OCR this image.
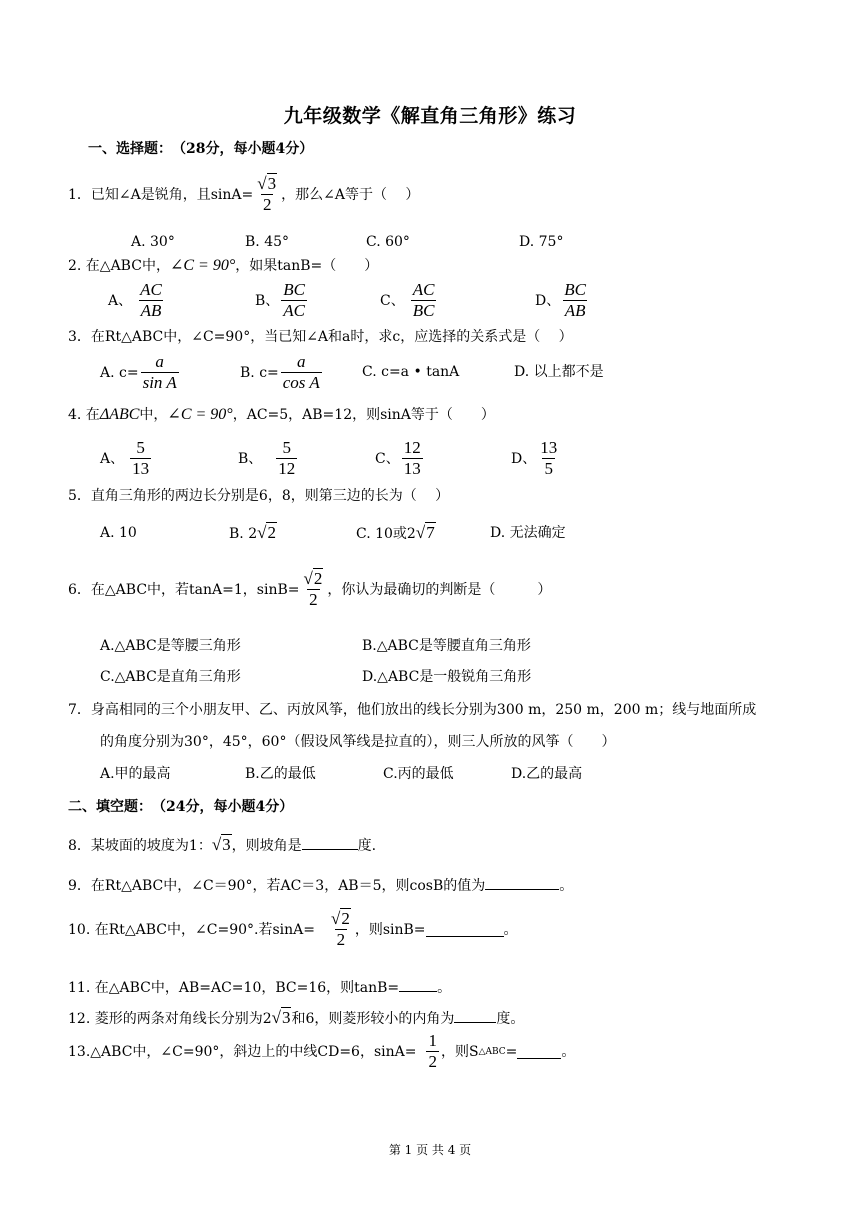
九年级数学《解直角三角形》练习
一、选择题：　（28分，每小题4分）
1．已知∠A是锐角，且$\sin A= \frac{√3}{2}$ ，那么∠A等于（　 ）
A. 30°	B. 45°	C. 60°	D. 75°
2. 在△ABC中，∠C = 90°，如果tanB=（　　）
A、 $\frac{AC}{AB}$	B、 $\frac{BC}{AC}$	C、 $\frac{AC}{BC}$	D、 $\frac{BC}{AB}$
3．在Rt△ABC中，∠C=90°，当已知∠A和a时，求c，应选择的关系式是（　 ）
A. $c= \frac{a}{\text{sin A}}$	B. $c= \frac{a}{\text{cos A}}$	C. c=a • tanA	D. 以上都不是
4. 在ΔABC中，∠C = 90°，AC=5，AB=12，则sinA等于（　　）
A、 $\frac{5}{13}$	B、 $\frac{5}{12}$	C、 $\frac{12}{13}$	D、 $\frac{13}{5}$
5．直角三角形的两边长分别是6，8，则第三边的长为（　 ）
A. 10	B. 2√2	C. 10或2√7	D. 无法确定
6．在△ABC中，若tanA=1，$\sin B= \frac{√2}{2}$ ，你认为最确切的判断是（　　　）
A.△ABC是等腰三角形	B.△ABC是等腰直角三角形
C.△ABC是直角三角形	D.△ABC是一般锐角三角形
7．身高相同的三个小朋友甲、乙、丙放风筝，他们放出的线长分别为300 m，250 m，200 m；线与地面所成
的角度分别为30°，45°，60°（假设风筝线是拉直的），则三人所放的风筝（　　）
A.甲的最高	B.乙的最低	C.丙的最低	D.乙的最高
二、填空题：　（24分，每小题4分）
8．某坡面的坡度为1：√3，则坡角是	度.
9．在Rt△ABC中，∠C＝90°，若AC＝3，AB＝5，则cosB的值为	。
10. 在Rt△ABC中，∠C=90°.若$\sin A= \frac{√2}{2}$ ，则sinB=	。
11. 在△ABC中，AB=AC=10，BC=16，则tanB=	。
12. 菱形的两条对角线长分别为2√3和6，则菱形较小的内角为	度。
13.△ABC中，∠C=90°，斜边上的中线CD=6，$\sin A= \frac{1}{2}$ ，则S △ABC =	。
第 1 页 共 4 页
